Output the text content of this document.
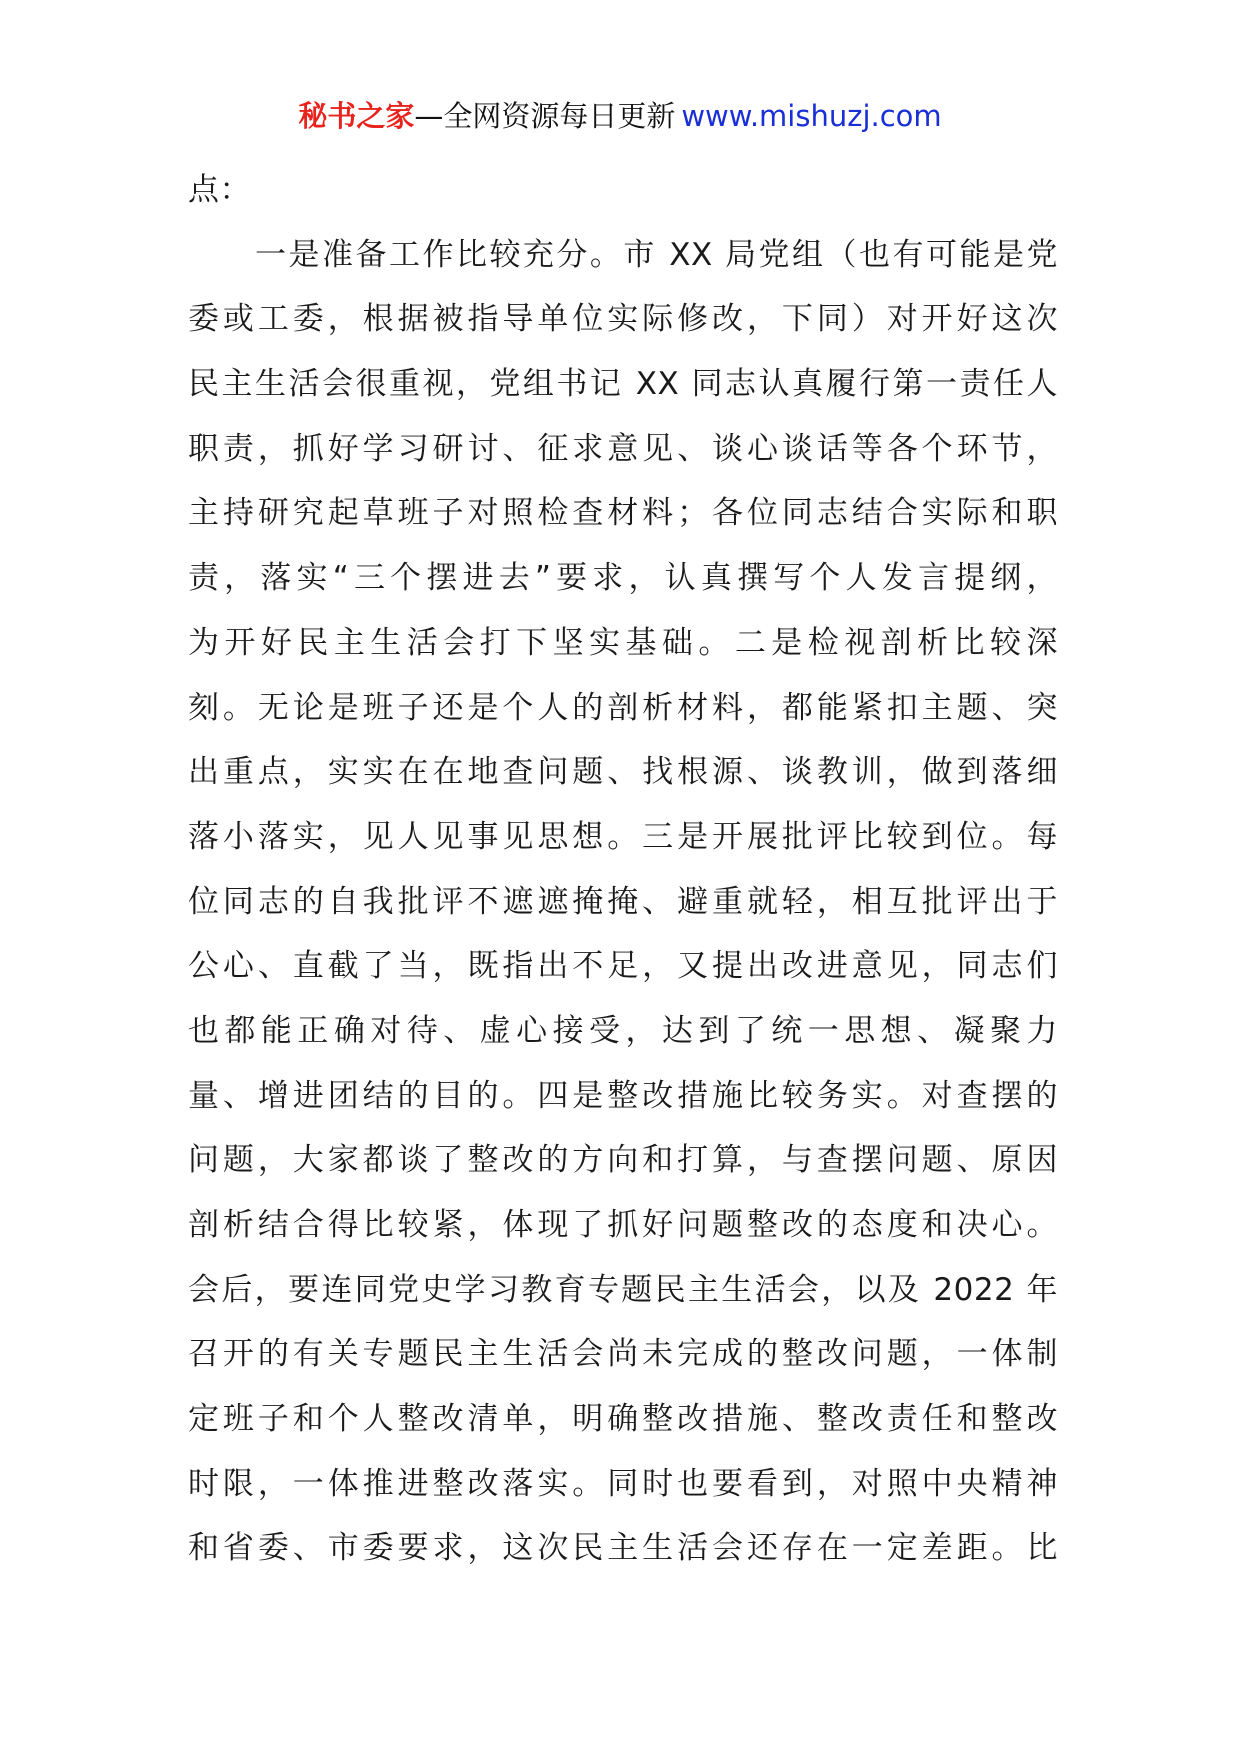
秘书之家—全网资源每日更新 www.mishuzj.com
点：
一是准备工作比较充分。市 XX 局党组（也有可能是党
委或工委，根据被指导单位实际修改，下同）对开好这次
民主生活会很重视，党组书记 XX 同志认真履行第一责任人
职责，抓好学习研讨、征求意见、谈心谈话等各个环节，
主持研究起草班子对照检查材料；各位同志结合实际和职
责，落实“三个摆进去”要求，认真撰写个人发言提纲，
为开好民主生活会打下坚实基础。二是检视剖析比较深
刻。无论是班子还是个人的剖析材料，都能紧扣主题、突
出重点，实实在在地查问题、找根源、谈教训，做到落细
落小落实，见人见事见思想。三是开展批评比较到位。每
位同志的自我批评不遮遮掩掩、避重就轻，相互批评出于
公心、直截了当，既指出不足，又提出改进意见，同志们
也都能正确对待、虚心接受，达到了统一思想、凝聚力
量、增进团结的目的。四是整改措施比较务实。对查摆的
问题，大家都谈了整改的方向和打算，与查摆问题、原因
剖析结合得比较紧，体现了抓好问题整改的态度和决心。
会后，要连同党史学习教育专题民主生活会，以及 2022 年
召开的有关专题民主生活会尚未完成的整改问题，一体制
定班子和个人整改清单，明确整改措施、整改责任和整改
时限，一体推进整改落实。同时也要看到，对照中央精神
和省委、市委要求，这次民主生活会还存在一定差距。比
